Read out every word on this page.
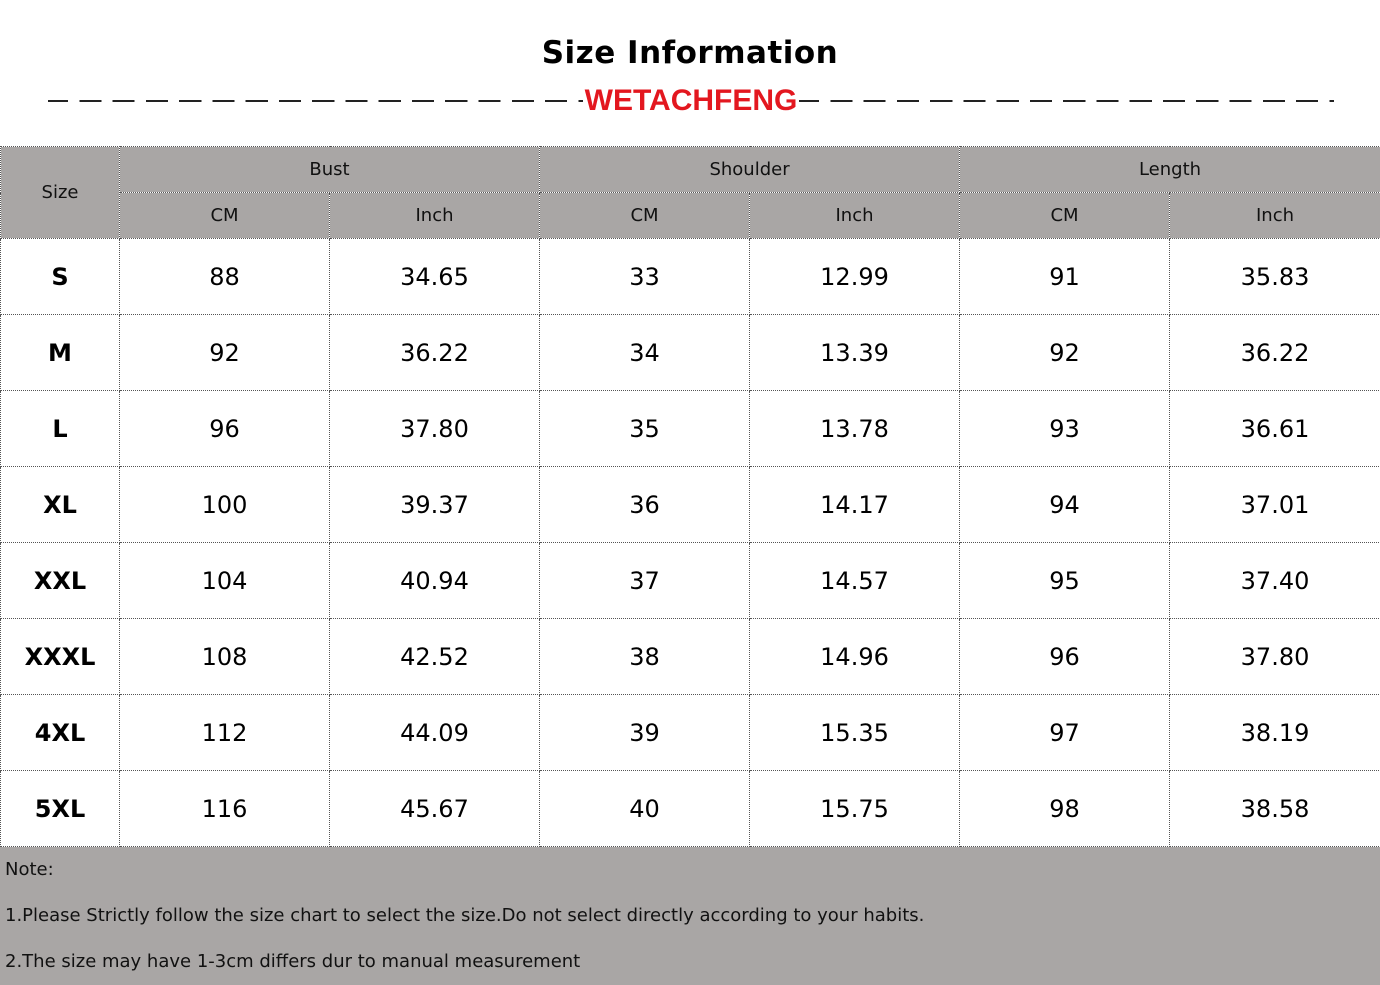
Size Information
WETACHFENG
Size	Bust		Shoulder		Length	
	CM	Inch	CM	Inch	CM	Inch
S	88	34.65	33	12.99	91	35.83
M	92	36.22	34	13.39	92	36.22
L	96	37.80	35	13.78	93	36.61
XL	100	39.37	36	14.17	94	37.01
XXL	104	40.94	37	14.57	95	37.40
XXXL	108	42.52	38	14.96	96	37.80
4XL	112	44.09	39	15.35	97	38.19
5XL	116	45.67	40	15.75	98	38.58
Note:
1.Please Strictly follow the size chart to select the size.Do not select directly according to your habits.
2.The size may have 1-3cm differs dur to manual measurement
